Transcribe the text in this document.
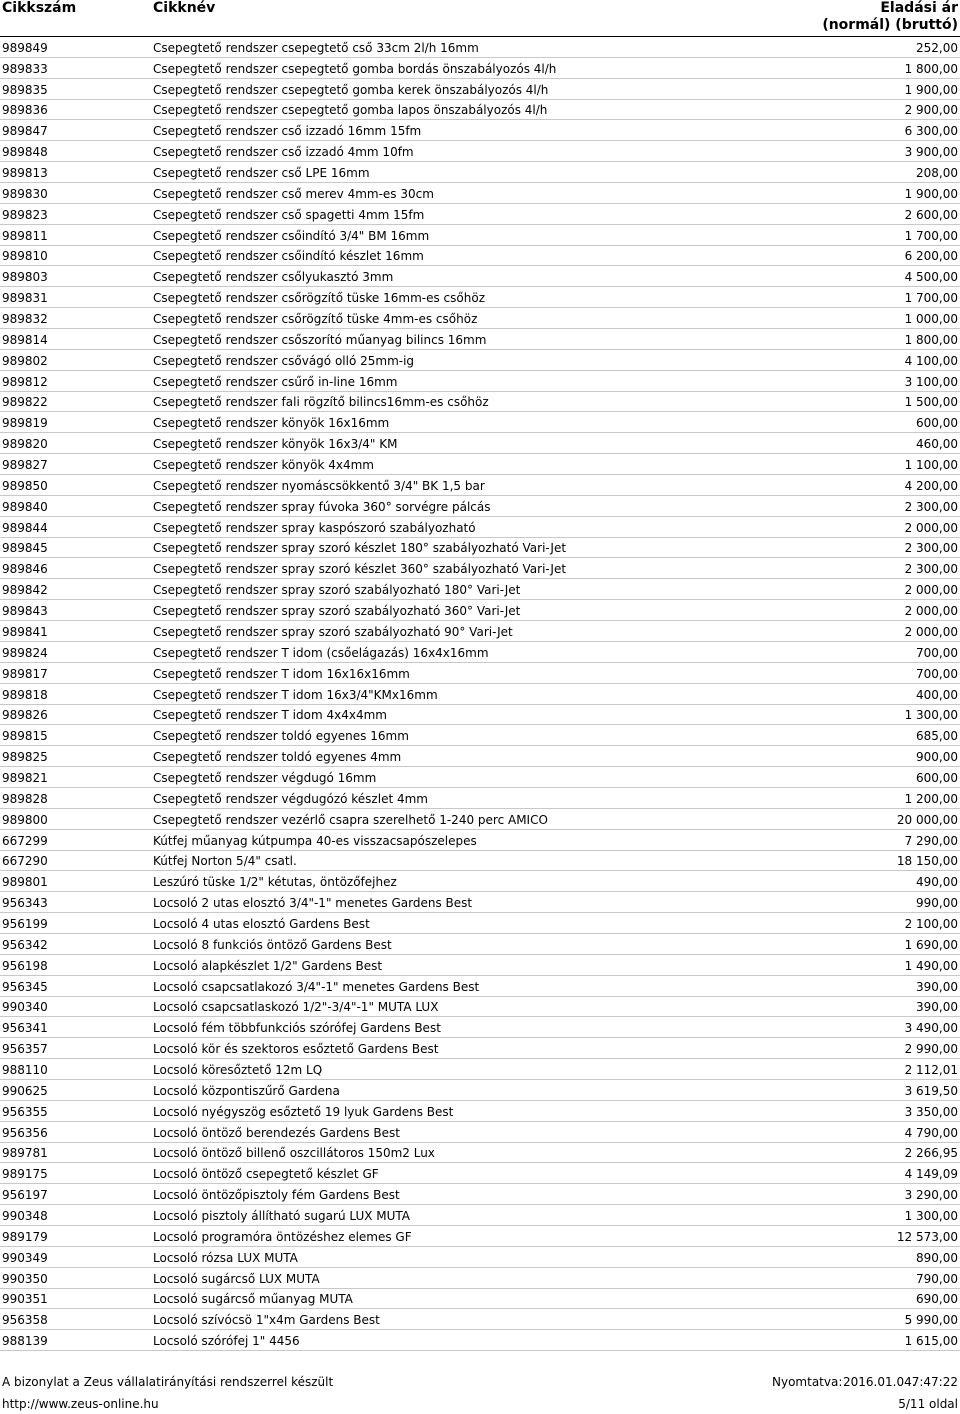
Cikkszám	Cikknév	Eladási ár
(normál) (bruttó)
989849	Csepegtető rendszer csepegtető cső 33cm 2l/h 16mm	252,00
989833	Csepegtető rendszer csepegtető gomba bordás önszabályozós 4l/h	1 800,00
989835	Csepegtető rendszer csepegtető gomba kerek önszabályozós 4l/h	1 900,00
989836	Csepegtető rendszer csepegtető gomba lapos önszabályozós 4l/h	2 900,00
989847	Csepegtető rendszer cső izzadó 16mm 15fm	6 300,00
989848	Csepegtető rendszer cső izzadó 4mm 10fm	3 900,00
989813	Csepegtető rendszer cső LPE 16mm	208,00
989830	Csepegtető rendszer cső merev 4mm-es 30cm	1 900,00
989823	Csepegtető rendszer cső spagetti 4mm 15fm	2 600,00
989811	Csepegtető rendszer csőindító 3/4" BM 16mm	1 700,00
989810	Csepegtető rendszer csőindító készlet 16mm	6 200,00
989803	Csepegtető rendszer csőlyukasztó 3mm	4 500,00
989831	Csepegtető rendszer csőrögzítő tüske 16mm-es csőhöz	1 700,00
989832	Csepegtető rendszer csőrögzítő tüske 4mm-es csőhöz	1 000,00
989814	Csepegtető rendszer csőszorító műanyag bilincs 16mm	1 800,00
989802	Csepegtető rendszer csővágó olló 25mm-ig	4 100,00
989812	Csepegtető rendszer csűrő in-line 16mm	3 100,00
989822	Csepegtető rendszer fali rögzítő bilincs16mm-es csőhöz	1 500,00
989819	Csepegtető rendszer könyök 16x16mm	600,00
989820	Csepegtető rendszer könyök 16x3/4" KM	460,00
989827	Csepegtető rendszer könyök 4x4mm	1 100,00
989850	Csepegtető rendszer nyomáscsökkentő 3/4" BK 1,5 bar	4 200,00
989840	Csepegtető rendszer spray fúvoka 360° sorvégre pálcás	2 300,00
989844	Csepegtető rendszer spray kaspószoró szabályozható	2 000,00
989845	Csepegtető rendszer spray szoró készlet 180° szabályozható Vari-Jet	2 300,00
989846	Csepegtető rendszer spray szoró készlet 360° szabályozható Vari-Jet	2 300,00
989842	Csepegtető rendszer spray szoró szabályozható 180° Vari-Jet	2 000,00
989843	Csepegtető rendszer spray szoró szabályozható 360° Vari-Jet	2 000,00
989841	Csepegtető rendszer spray szoró szabályozható 90° Vari-Jet	2 000,00
989824	Csepegtető rendszer T idom (csőelágazás) 16x4x16mm	700,00
989817	Csepegtető rendszer T idom 16x16x16mm	700,00
989818	Csepegtető rendszer T idom 16x3/4"KMx16mm	400,00
989826	Csepegtető rendszer T idom 4x4x4mm	1 300,00
989815	Csepegtető rendszer toldó egyenes 16mm	685,00
989825	Csepegtető rendszer toldó egyenes 4mm	900,00
989821	Csepegtető rendszer végdugó 16mm	600,00
989828	Csepegtető rendszer végdugózó készlet 4mm	1 200,00
989800	Csepegtető rendszer vezérlő csapra szerelhető 1-240 perc AMICO	20 000,00
667299	Kútfej műanyag kútpumpa 40-es visszacsapószelepes	7 290,00
667290	Kútfej Norton 5/4" csatl.	18 150,00
989801	Leszúró tüske 1/2" kétutas, öntözőfejhez	490,00
956343	Locsoló 2 utas elosztó 3/4"-1" menetes Gardens Best	990,00
956199	Locsoló 4 utas elosztó Gardens Best	2 100,00
956342	Locsoló 8 funkciós öntöző Gardens Best	1 690,00
956198	Locsoló alapkészlet 1/2" Gardens Best	1 490,00
956345	Locsoló csapcsatlakozó 3/4"-1" menetes Gardens Best	390,00
990340	Locsoló csapcsatlaskozó 1/2"-3/4"-1" MUTA LUX	390,00
956341	Locsoló fém többfunkciós szórófej Gardens Best	3 490,00
956357	Locsoló kör és szektoros esőztető Gardens Best	2 990,00
988110	Locsoló köresőztető 12m LQ	2 112,01
990625	Locsoló központiszűrő Gardena	3 619,50
956355	Locsoló nyégyszög esőztető 19 lyuk Gardens Best	3 350,00
956356	Locsoló öntöző berendezés Gardens Best	4 790,00
989781	Locsoló öntöző billenő oszcillátoros 150m2 Lux	2 266,95
989175	Locsoló öntöző csepegtető készlet GF	4 149,09
956197	Locsoló öntözőpisztoly fém Gardens Best	3 290,00
990348	Locsoló pisztoly állítható sugarú LUX MUTA	1 300,00
989179	Locsoló programóra öntözéshez elemes GF	12 573,00
990349	Locsoló rózsa LUX MUTA	890,00
990350	Locsoló sugárcső LUX MUTA	790,00
990351	Locsoló sugárcső műanyag MUTA	690,00
956358	Locsoló szívócsö 1"x4m Gardens Best	5 990,00
988139	Locsoló szórófej 1" 4456	1 615,00
A bizonylat a Zeus vállalatirányítási rendszerrel készült	Nyomtatva: 2016.01.04.
7:47:22
http://www.zeus-online.hu	5/11 oldal
